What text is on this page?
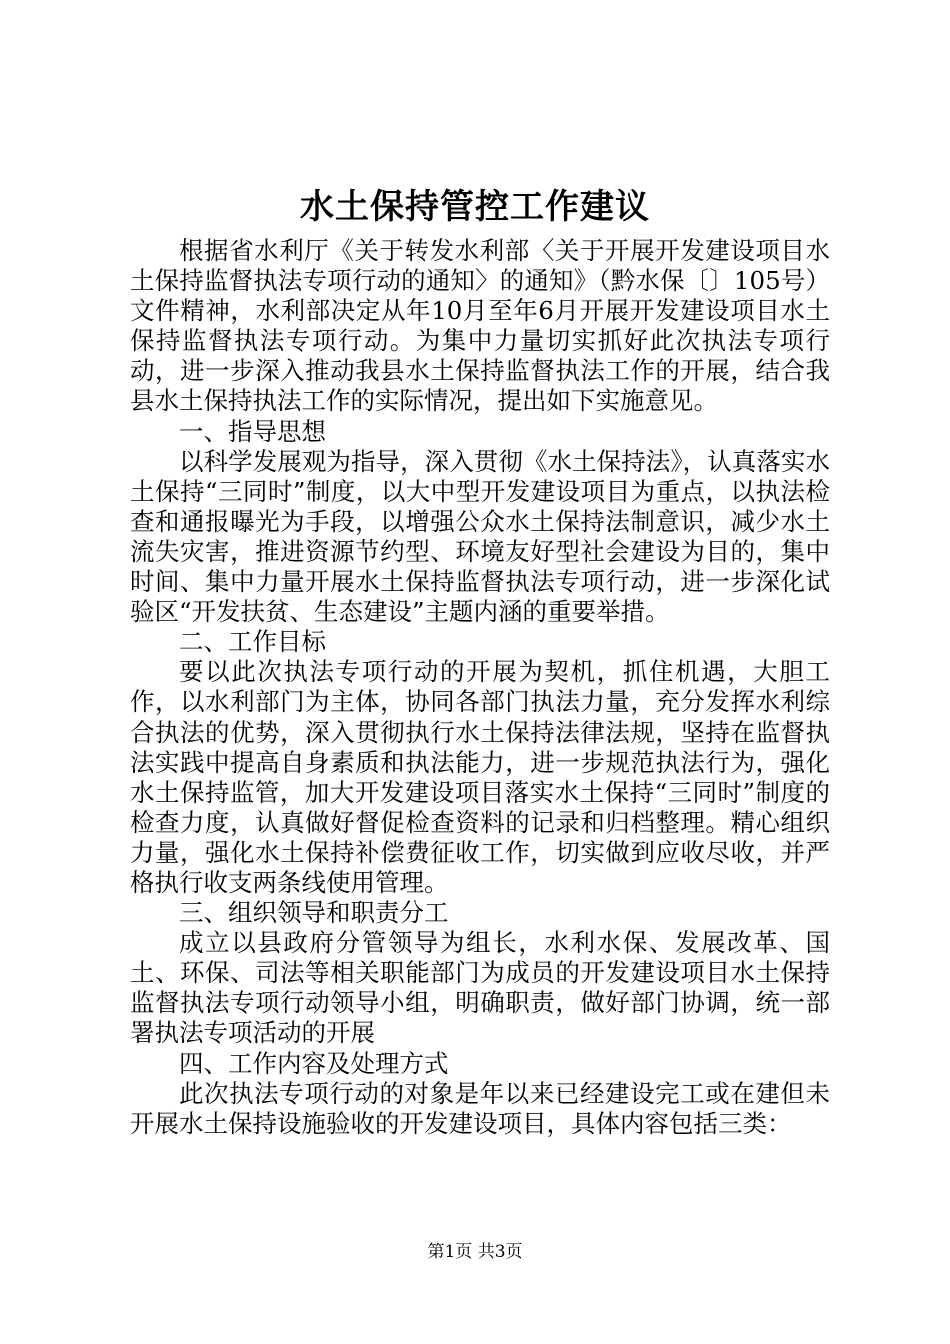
水土保持管控工作建议

根据省水利厅《关于转发水利部〈关于开展开发建设项目水土保持监督执法专项行动的通知〉的通知》（黔水保〔〕105号）文件精神，水利部决定从年10月至年6月开展开发建设项目水土保持监督执法专项行动。为集中力量切实抓好此次执法专项行动，进一步深入推动我县水土保持监督执法工作的开展，结合我县水土保持执法工作的实际情况，提出如下实施意见。

一、指导思想

以科学发展观为指导，深入贯彻《水土保持法》，认真落实水土保持“三同时”制度，以大中型开发建设项目为重点，以执法检查和通报曝光为手段，以增强公众水土保持法制意识，减少水土流失灾害，推进资源节约型、环境友好型社会建设为目的，集中时间、集中力量开展水土保持监督执法专项行动，进一步深化试验区“开发扶贫、生态建设”主题内涵的重要举措。

二、工作目标

要以此次执法专项行动的开展为契机，抓住机遇，大胆工作，以水利部门为主体，协同各部门执法力量，充分发挥水利综合执法的优势，深入贯彻执行水土保持法律法规，坚持在监督执法实践中提高自身素质和执法能力，进一步规范执法行为，强化水土保持监管，加大开发建设项目落实水土保持“三同时”制度的检查力度，认真做好督促检查资料的记录和归档整理。精心组织力量，强化水土保持补偿费征收工作，切实做到应收尽收，并严格执行收支两条线使用管理。

三、组织领导和职责分工

成立以县政府分管领导为组长，水利水保、发展改革、国土、环保、司法等相关职能部门为成员的开发建设项目水土保持监督执法专项行动领导小组，明确职责，做好部门协调，统一部署执法专项活动的开展

四、工作内容及处理方式

此次执法专项行动的对象是年以来已经建设完工或在建但未开展水土保持设施验收的开发建设项目，具体内容包括三类：

第1页 共3页
